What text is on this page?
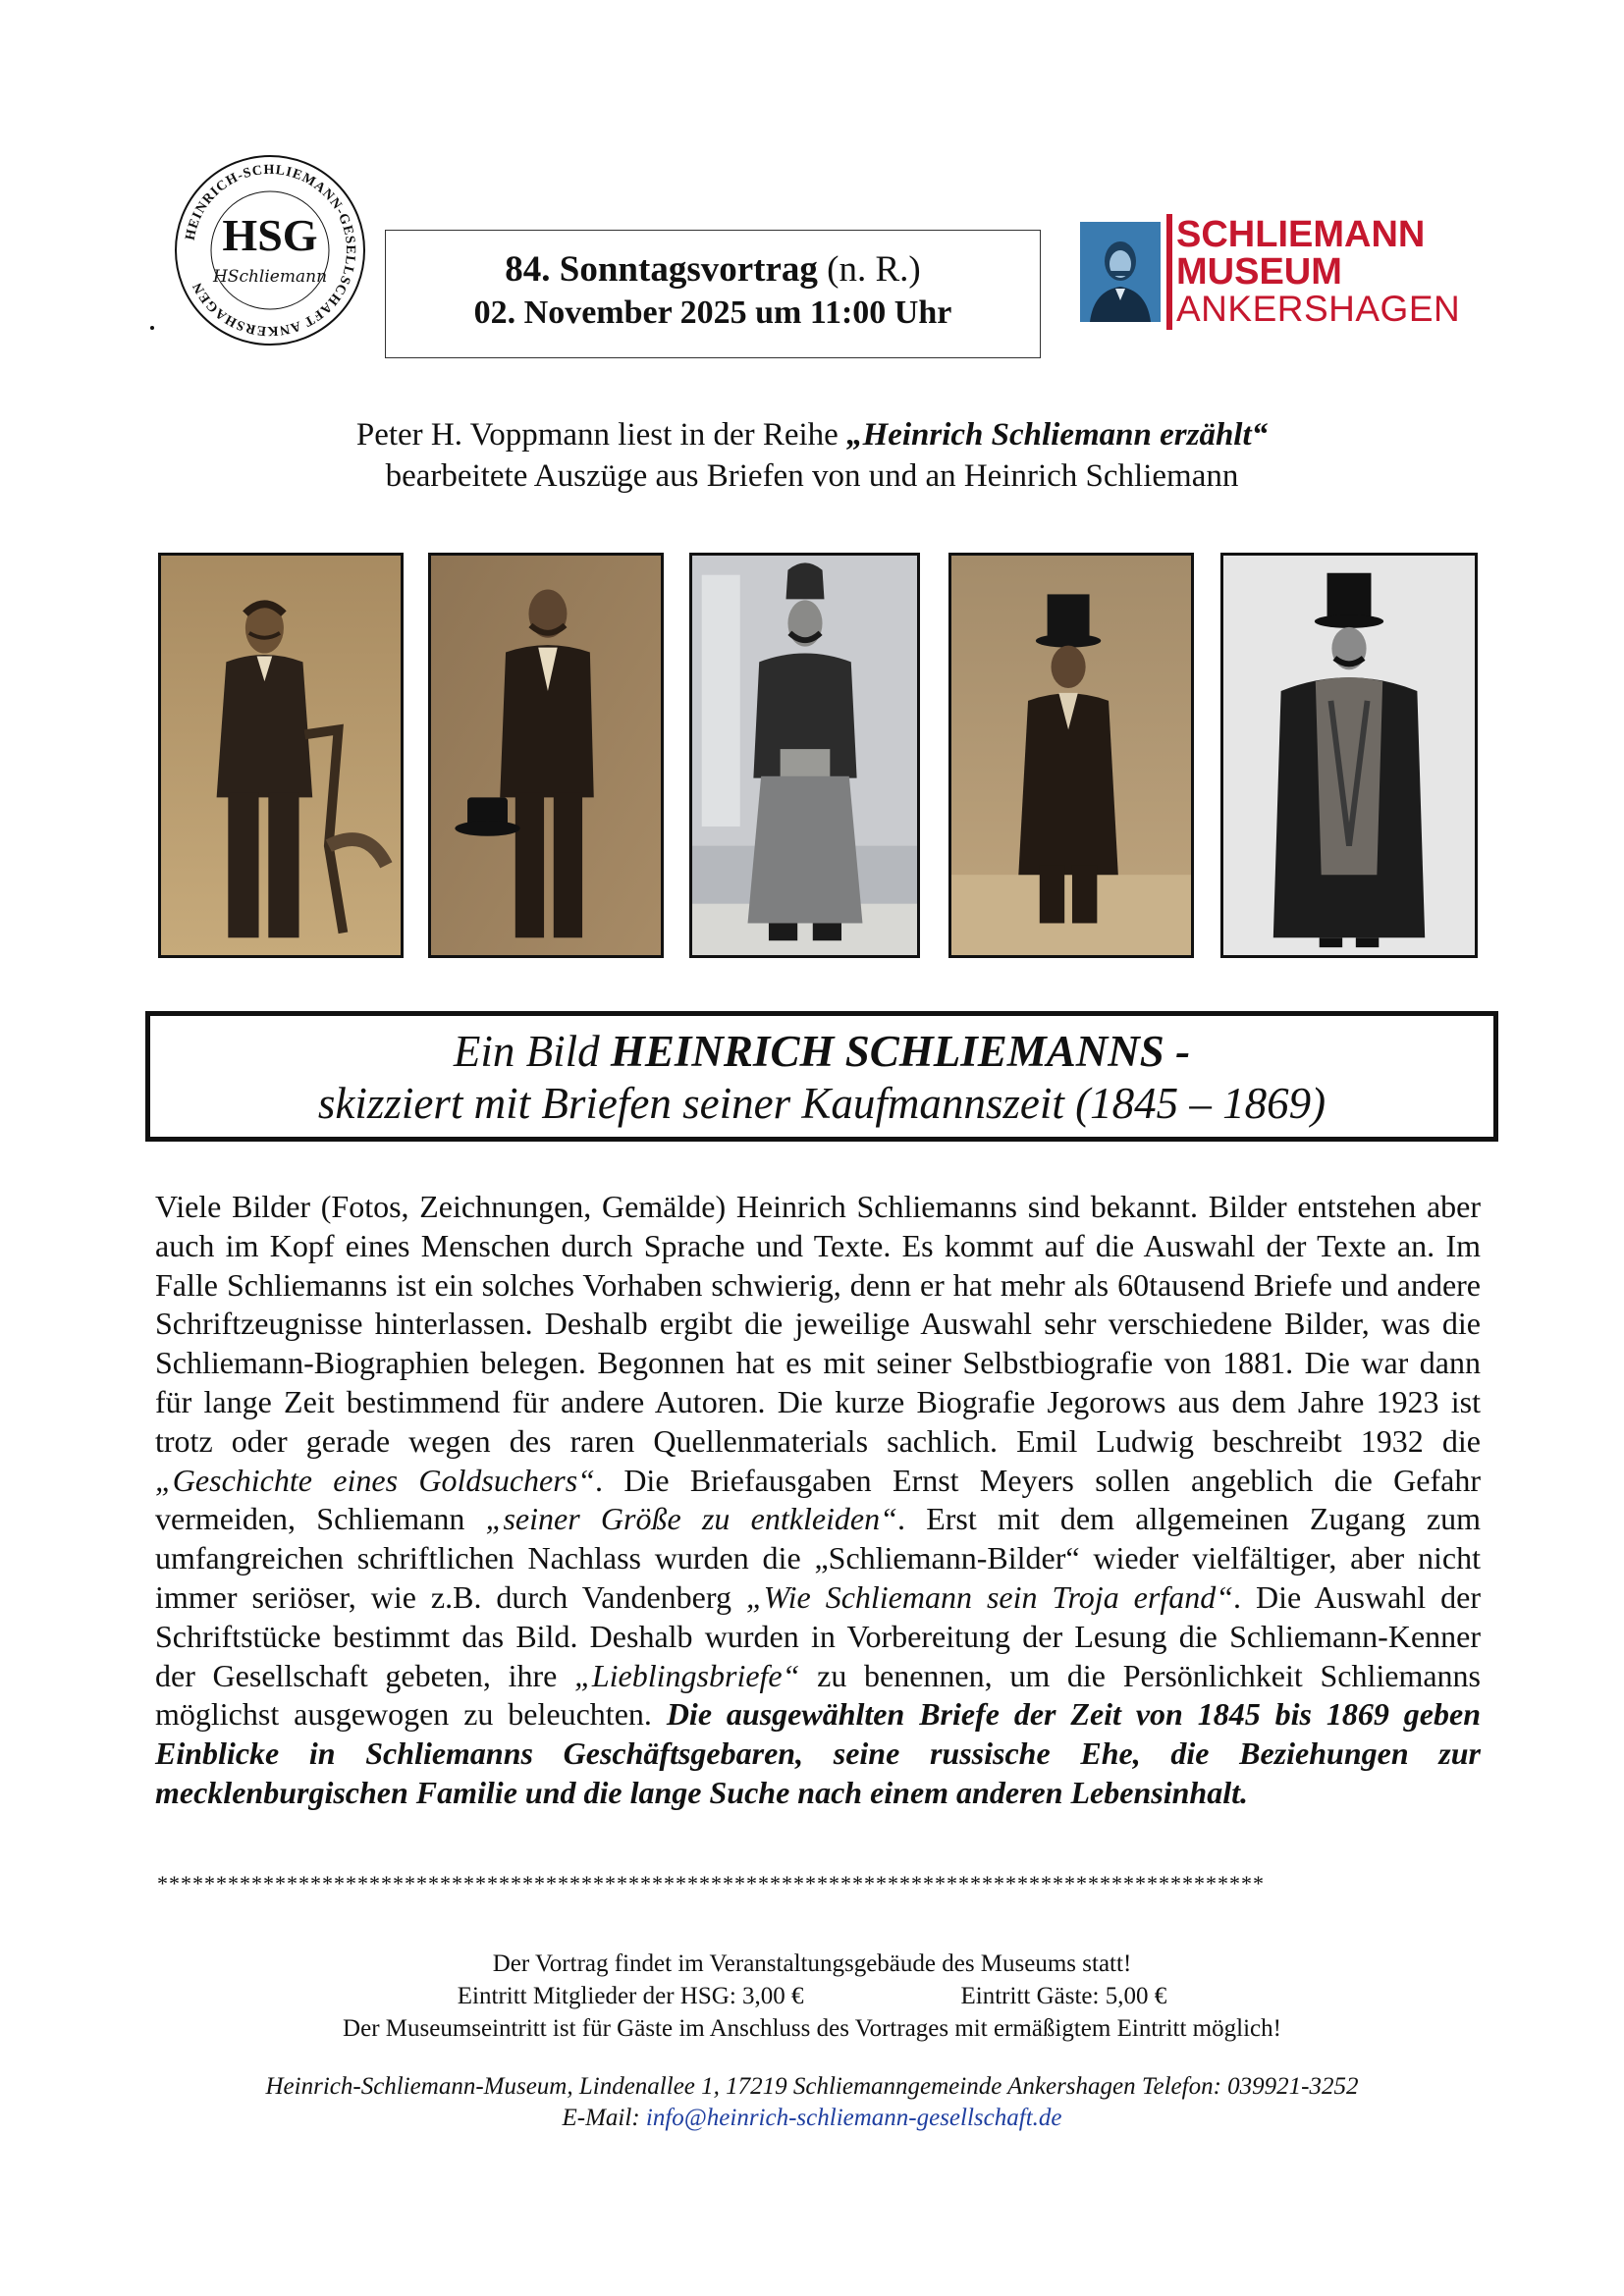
HEINRICH-SCHLIEMANN-GESELLSCHAFT ANKERSHAGEN
HSG
HSchliemann	84. Sonntagsvortrag (n. R.)
02. November 2025 um 11:00 Uhr
SCHLIEMANN
MUSEUM
ANKERSHAGEN
Peter H. Voppmann liest in der Reihe „Heinrich Schliemann erzählt“
bearbeitete Auszüge aus Briefen von und an Heinrich Schliemann
Ein Bild HEINRICH SCHLIEMANNS -
skizziert mit Briefen seiner Kaufmannszeit (1845 – 1869)
Viele Bilder (Fotos, Zeichnungen, Gemälde) Heinrich Schliemanns sind bekannt. Bilder entstehen aber auch im Kopf eines Menschen durch Sprache und Texte. Es kommt auf die Auswahl der Texte an. Im Falle Schliemanns ist ein solches Vorhaben schwierig, denn er hat mehr als 60tausend Briefe und andere Schriftzeugnisse hinterlassen. Deshalb ergibt die jeweilige Auswahl sehr verschiedene Bilder, was die Schliemann-Biographien belegen. Begonnen hat es mit seiner Selbstbiografie von 1881. Die war dann für lange Zeit bestimmend für andere Autoren. Die kurze Biografie Jegorows aus dem Jahre 1923 ist trotz oder gerade wegen des raren Quellenmaterials sachlich. Emil Ludwig beschreibt 1932 die „Geschichte eines Goldsuchers“. Die Briefausgaben Ernst Meyers sollen angeblich die Gefahr vermeiden, Schliemann „seiner Größe zu entkleiden“. Erst mit dem allgemeinen Zugang zum umfangreichen schriftlichen Nachlass wurden die „Schliemann-Bilder“ wieder vielfältiger, aber nicht immer seriöser, wie z.B. durch Vandenberg „Wie Schliemann sein Troja erfand“. Die Auswahl der Schriftstücke bestimmt das Bild. Deshalb wurden in Vorbereitung der Lesung die Schliemann-Kenner der Gesellschaft gebeten, ihre „Lieblingsbriefe“ zu benennen, um die Persönlichkeit Schliemanns möglichst ausgewogen zu beleuchten. Die ausgewählten Briefe der Zeit von 1845 bis 1869 geben Einblicke in Schliemanns Geschäftsgebaren, seine russische Ehe, die Beziehungen zur mecklenburgischen Familie und die lange Suche nach einem anderen Lebensinhalt.
**********************************************************************************************
Der Vortrag findet im Veranstaltungsgebäude des Museums statt!
Eintritt Mitglieder der HSG: 3,00 €	Eintritt Gäste: 5,00 €
Der Museumseintritt ist für Gäste im Anschluss des Vortrages mit ermäßigtem Eintritt möglich!
Heinrich-Schliemann-Museum, Lindenallee 1, 17219 Schliemanngemeinde Ankershagen Telefon: 039921-3252
E-Mail: info@heinrich-schliemann-gesellschaft.de
